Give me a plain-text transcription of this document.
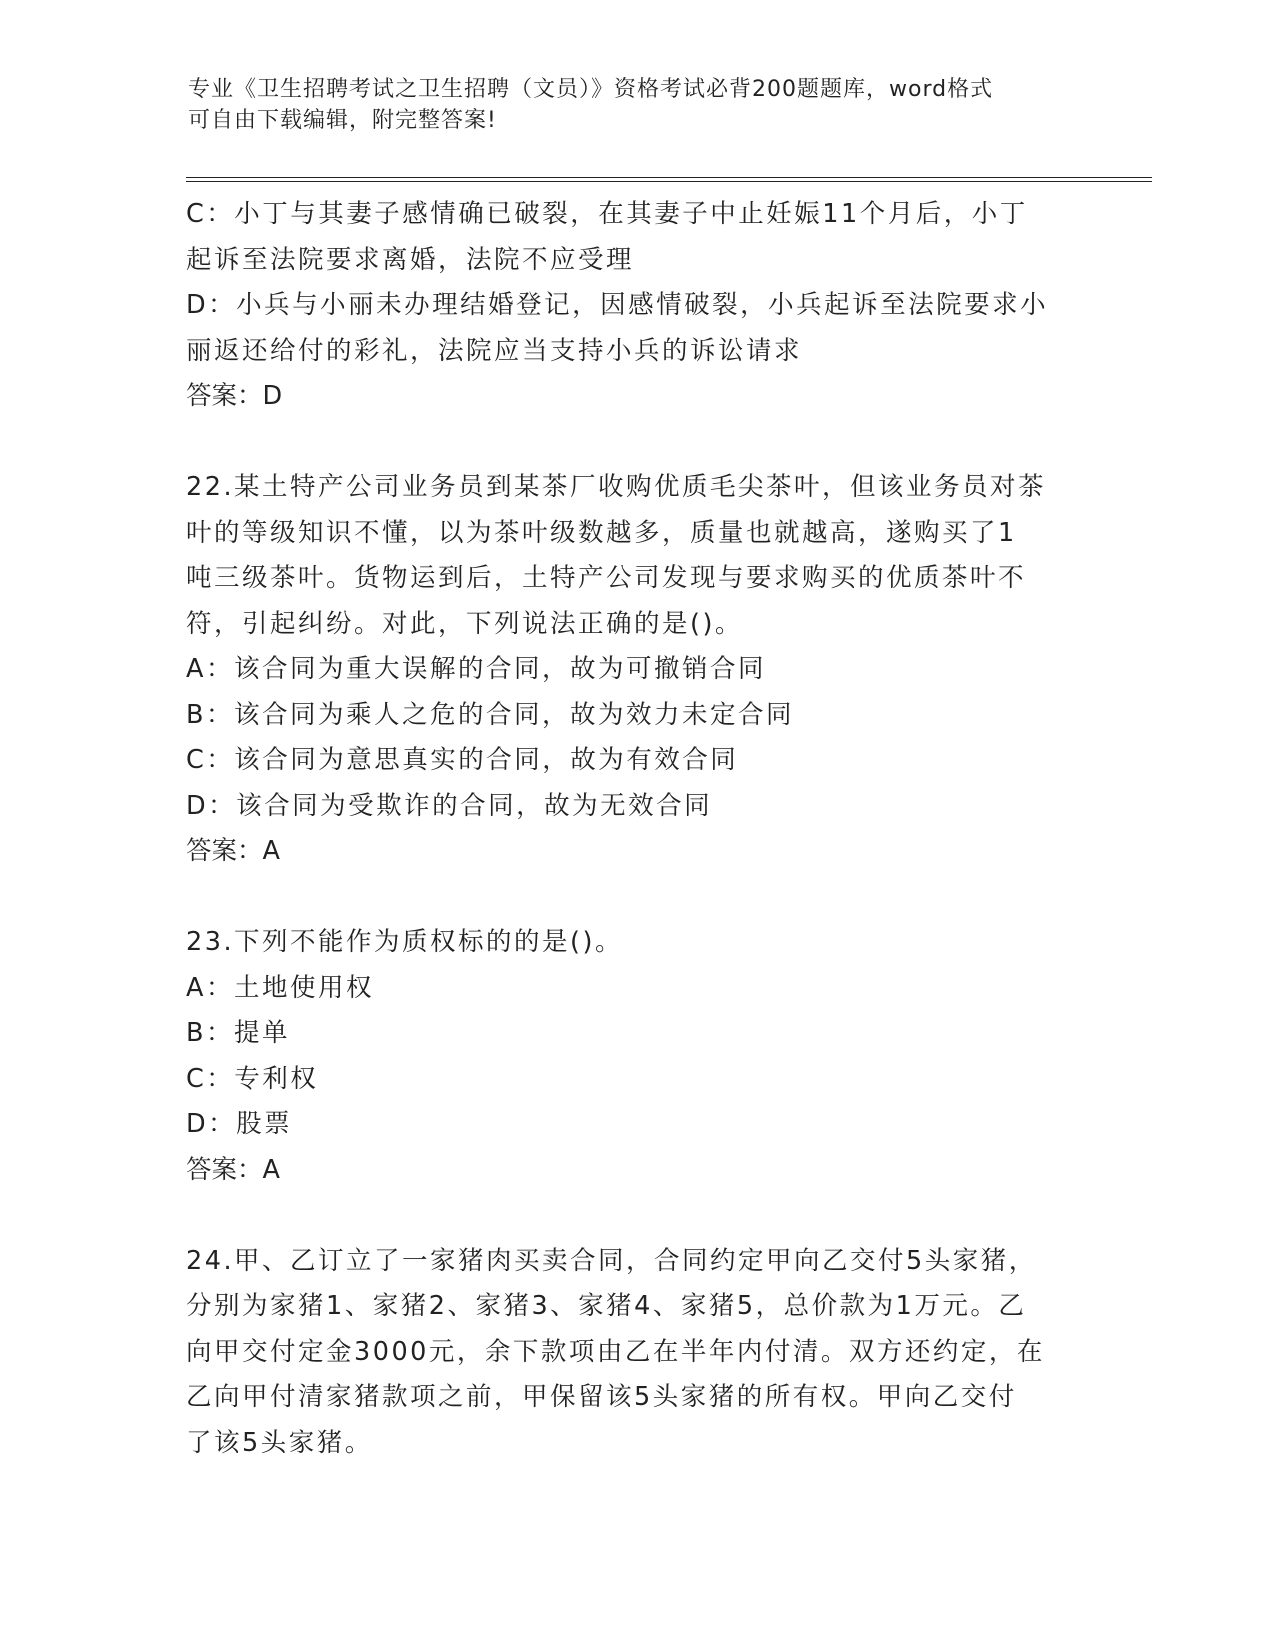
专业《卫生招聘考试之卫生招聘（文员）》资格考试必背200题题库，word格式
可自由下载编辑，附完整答案!
C：小丁与其妻子感情确已破裂，在其妻子中止妊娠11个月后，小丁
起诉至法院要求离婚，法院不应受理
D：小兵与小丽未办理结婚登记，因感情破裂，小兵起诉至法院要求小
丽返还给付的彩礼，法院应当支持小兵的诉讼请求
答案：D
22.某土特产公司业务员到某茶厂收购优质毛尖茶叶，但该业务员对茶
叶的等级知识不懂，以为茶叶级数越多，质量也就越高，遂购买了1
吨三级茶叶。货物运到后，土特产公司发现与要求购买的优质茶叶不
符，引起纠纷。对此，下列说法正确的是()。
A：该合同为重大误解的合同，故为可撤销合同
B：该合同为乘人之危的合同，故为效力未定合同
C：该合同为意思真实的合同，故为有效合同
D：该合同为受欺诈的合同，故为无效合同
答案：A
23.下列不能作为质权标的的是()。
A：土地使用权
B：提单
C：专利权
D：股票
答案：A
24.甲、乙订立了一家猪肉买卖合同，合同约定甲向乙交付5头家猪，
分别为家猪1、家猪2、家猪3、家猪4、家猪5，总价款为1万元。乙
向甲交付定金3000元，余下款项由乙在半年内付清。双方还约定，在
乙向甲付清家猪款项之前，甲保留该5头家猪的所有权。甲向乙交付
了该5头家猪。
